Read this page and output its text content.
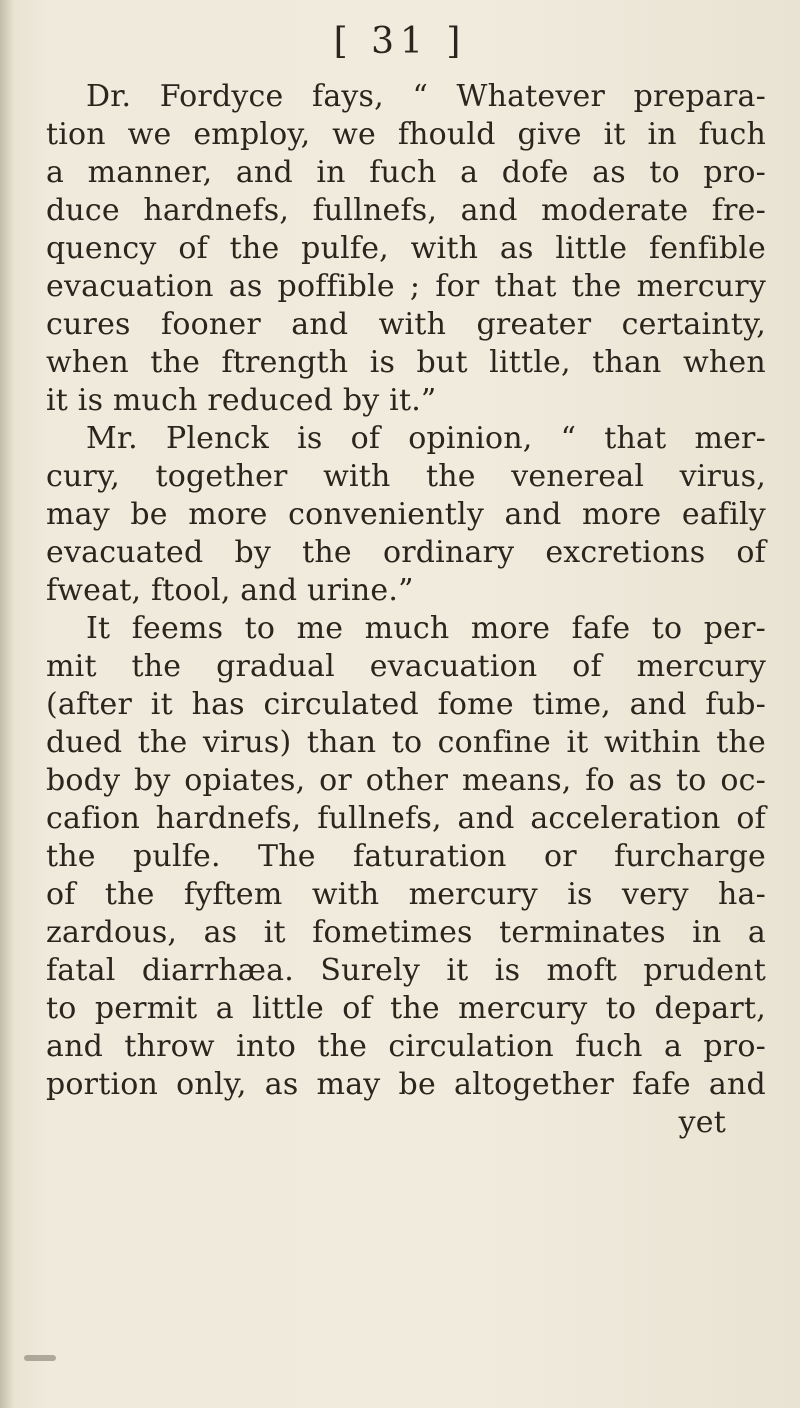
[ 31 ]
Dr. Fordyce fays, “ Whatever prepara-
tion we employ, we fhould give it in fuch
a manner, and in fuch a dofe as to pro-
duce hardnefs, fullnefs, and moderate fre-
quency of the pulfe, with as little fenfible
evacuation as poffible ; for that the mercury
cures fooner and with greater certainty,
when the ftrength is but little, than when
it is much reduced by it.”
Mr. Plenck is of opinion, “ that mer-
cury, together with the venereal virus,
may be more conveniently and more eafily
evacuated by the ordinary excretions of
fweat, ftool, and urine.”
It feems to me much more fafe to per-
mit the gradual evacuation of mercury
(after it has circulated fome time, and fub-
dued the virus) than to confine it within the
body by opiates, or other means, fo as to oc-
cafion hardnefs, fullnefs, and acceleration of
the pulfe. The faturation or furcharge
of the fyftem with mercury is very ha-
zardous, as it fometimes terminates in a
fatal diarrhæa. Surely it is moft prudent
to permit a little of the mercury to depart,
and throw into the circulation fuch a pro-
portion only, as may be altogether fafe and
yet
